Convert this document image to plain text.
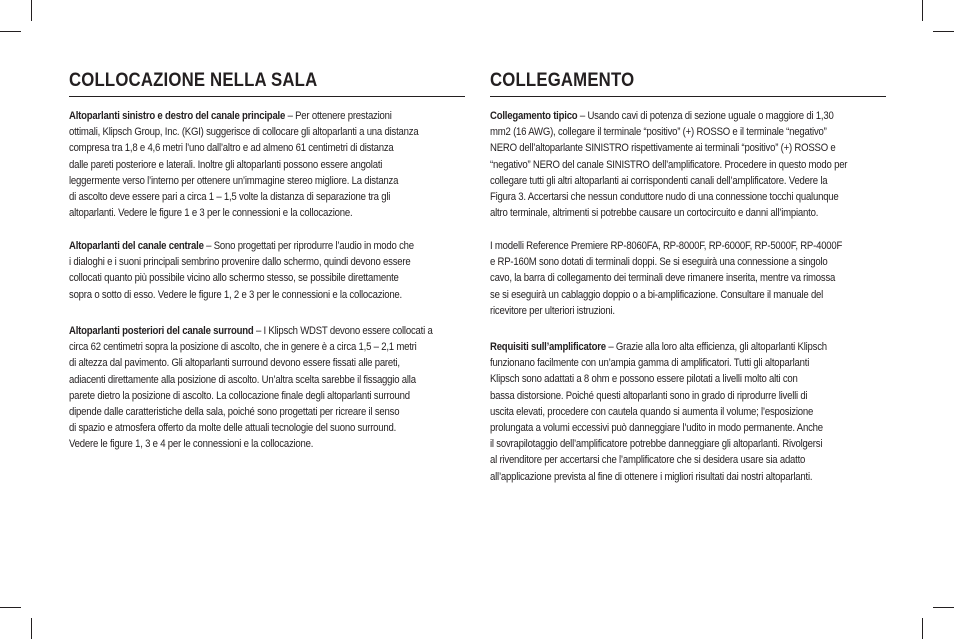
COLLOCAZIONE NELLA SALA

Altoparlanti sinistro e destro del canale principale – Per ottenere prestazioni
ottimali, Klipsch Group, Inc. (KGI) suggerisce di collocare gli altoparlanti a una distanza
compresa tra 1,8 e 4,6 metri l’uno dall’altro e ad almeno 61 centimetri di distanza
dalle pareti posteriore e laterali. Inoltre gli altoparlanti possono essere angolati
leggermente verso l’interno per ottenere un’immagine stereo migliore. La distanza
di ascolto deve essere pari a circa 1 – 1,5 volte la distanza di separazione tra gli
altoparlanti. Vedere le figure 1 e 3 per le connessioni e la collocazione.

Altoparlanti del canale centrale – Sono progettati per riprodurre l’audio in modo che
i dialoghi e i suoni principali sembrino provenire dallo schermo, quindi devono essere
collocati quanto più possibile vicino allo schermo stesso, se possibile direttamente
sopra o sotto di esso. Vedere le figure 1, 2 e 3 per le connessioni e la collocazione.

Altoparlanti posteriori del canale surround – I Klipsch WDST devono essere collocati a
circa 62 centimetri sopra la posizione di ascolto, che in genere è a circa 1,5 – 2,1 metri
di altezza dal pavimento. Gli altoparlanti surround devono essere fissati alle pareti,
adiacenti direttamente alla posizione di ascolto. Un’altra scelta sarebbe il fissaggio alla
parete dietro la posizione di ascolto. La collocazione finale degli altoparlanti surround
dipende dalle caratteristiche della sala, poiché sono progettati per ricreare il senso
di spazio e atmosfera offerto da molte delle attuali tecnologie del suono surround.
Vedere le figure 1, 3 e 4 per le connessioni e la collocazione.

COLLEGAMENTO

Collegamento tipico – Usando cavi di potenza di sezione uguale o maggiore di 1,30
mm2 (16 AWG), collegare il terminale “positivo” (+) ROSSO e il terminale “negativo”
NERO dell’altoparlante SINISTRO rispettivamente ai terminali “positivo” (+) ROSSO e
“negativo” NERO del canale SINISTRO dell’amplificatore. Procedere in questo modo per
collegare tutti gli altri altoparlanti ai corrispondenti canali dell’amplificatore. Vedere la
Figura 3. Accertarsi che nessun conduttore nudo di una connessione tocchi qualunque
altro terminale, altrimenti si potrebbe causare un cortocircuito e danni all’impianto.

I modelli Reference Premiere RP-8060FA, RP-8000F, RP-6000F, RP-5000F, RP-4000F
e RP-160M sono dotati di terminali doppi. Se si eseguirà una connessione a singolo
cavo, la barra di collegamento dei terminali deve rimanere inserita, mentre va rimossa
se si eseguirà un cablaggio doppio o a bi-amplificazione. Consultare il manuale del
ricevitore per ulteriori istruzioni.

Requisiti sull’amplificatore – Grazie alla loro alta efficienza, gli altoparlanti Klipsch
funzionano facilmente con un’ampia gamma di amplificatori. Tutti gli altoparlanti
Klipsch sono adattati a 8 ohm e possono essere pilotati a livelli molto alti con
bassa distorsione. Poiché questi altoparlanti sono in grado di riprodurre livelli di
uscita elevati, procedere con cautela quando si aumenta il volume; l’esposizione
prolungata a volumi eccessivi può danneggiare l’udito in modo permanente. Anche
il sovrapilotaggio dell’amplificatore potrebbe danneggiare gli altoparlanti. Rivolgersi
al rivenditore per accertarsi che l’amplificatore che si desidera usare sia adatto
all’applicazione prevista al fine di ottenere i migliori risultati dai nostri altoparlanti.
